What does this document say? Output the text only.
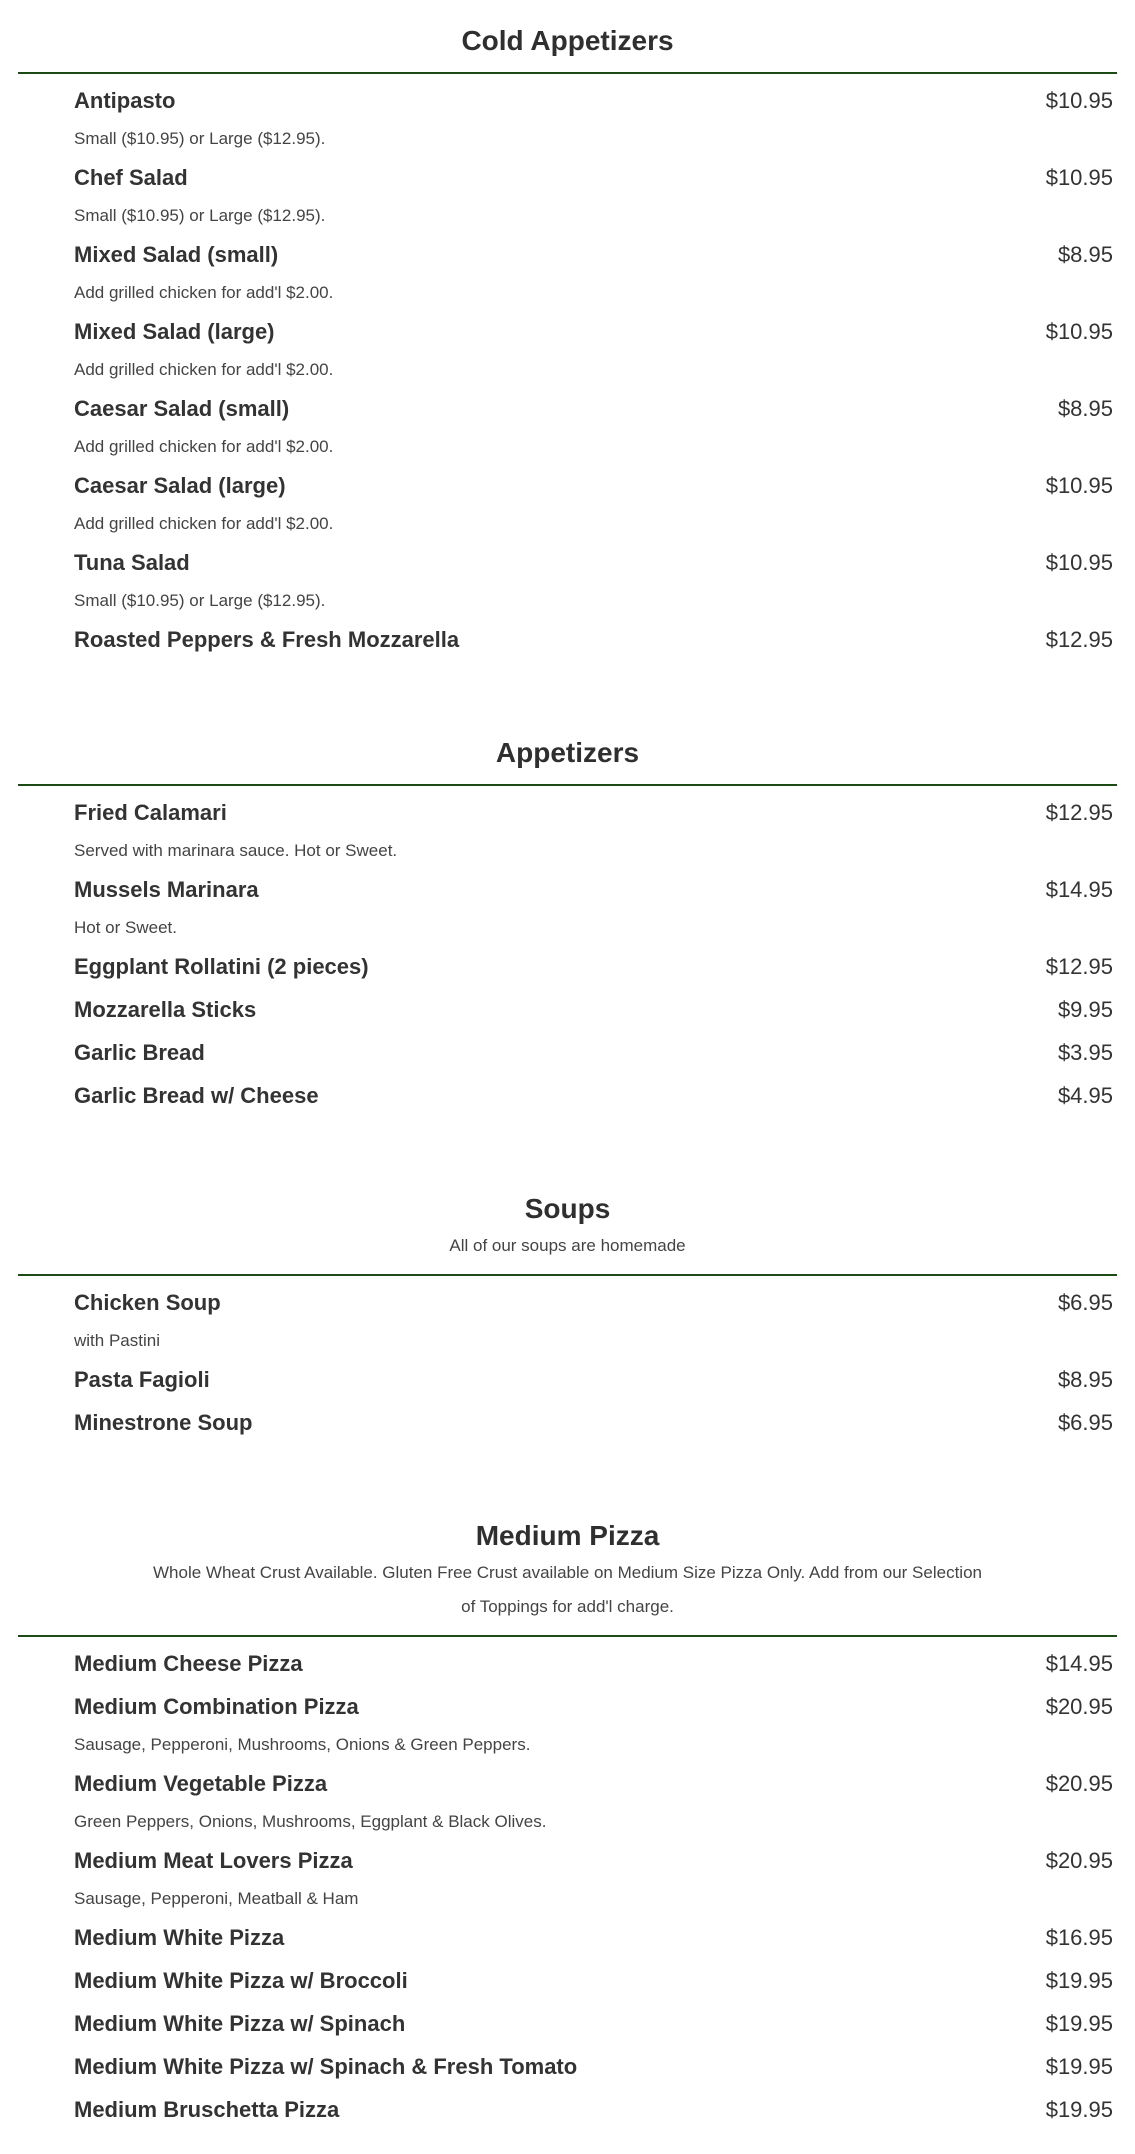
Cold Appetizers
Antipasto	$10.95
Small ($10.95) or Large ($12.95).
Chef Salad	$10.95
Small ($10.95) or Large ($12.95).
Mixed Salad (small)	$8.95
Add grilled chicken for add'l $2.00.
Mixed Salad (large)	$10.95
Add grilled chicken for add'l $2.00.
Caesar Salad (small)	$8.95
Add grilled chicken for add'l $2.00.
Caesar Salad (large)	$10.95
Add grilled chicken for add'l $2.00.
Tuna Salad	$10.95
Small ($10.95) or Large ($12.95).
Roasted Peppers & Fresh Mozzarella	$12.95
Appetizers
Fried Calamari	$12.95
Served with marinara sauce. Hot or Sweet.
Mussels Marinara	$14.95
Hot or Sweet.
Eggplant Rollatini (2 pieces)	$12.95
Mozzarella Sticks	$9.95
Garlic Bread	$3.95
Garlic Bread w/ Cheese	$4.95
Soups

All of our soups are homemade

Chicken Soup	$6.95
with Pastini
Pasta Fagioli	$8.95
Minestrone Soup	$6.95
Medium Pizza

Whole Wheat Crust Available. Gluten Free Crust available on Medium Size Pizza Only. Add from our Selection of Toppings for add'l charge.

Medium Cheese Pizza	$14.95
Medium Combination Pizza	$20.95
Sausage, Pepperoni, Mushrooms, Onions & Green Peppers.
Medium Vegetable Pizza	$20.95
Green Peppers, Onions, Mushrooms, Eggplant & Black Olives.
Medium Meat Lovers Pizza	$20.95
Sausage, Pepperoni, Meatball & Ham
Medium White Pizza	$16.95
Medium White Pizza w/ Broccoli	$19.95
Medium White Pizza w/ Spinach	$19.95
Medium White Pizza w/ Spinach & Fresh Tomato	$19.95
Medium Bruschetta Pizza	$19.95
